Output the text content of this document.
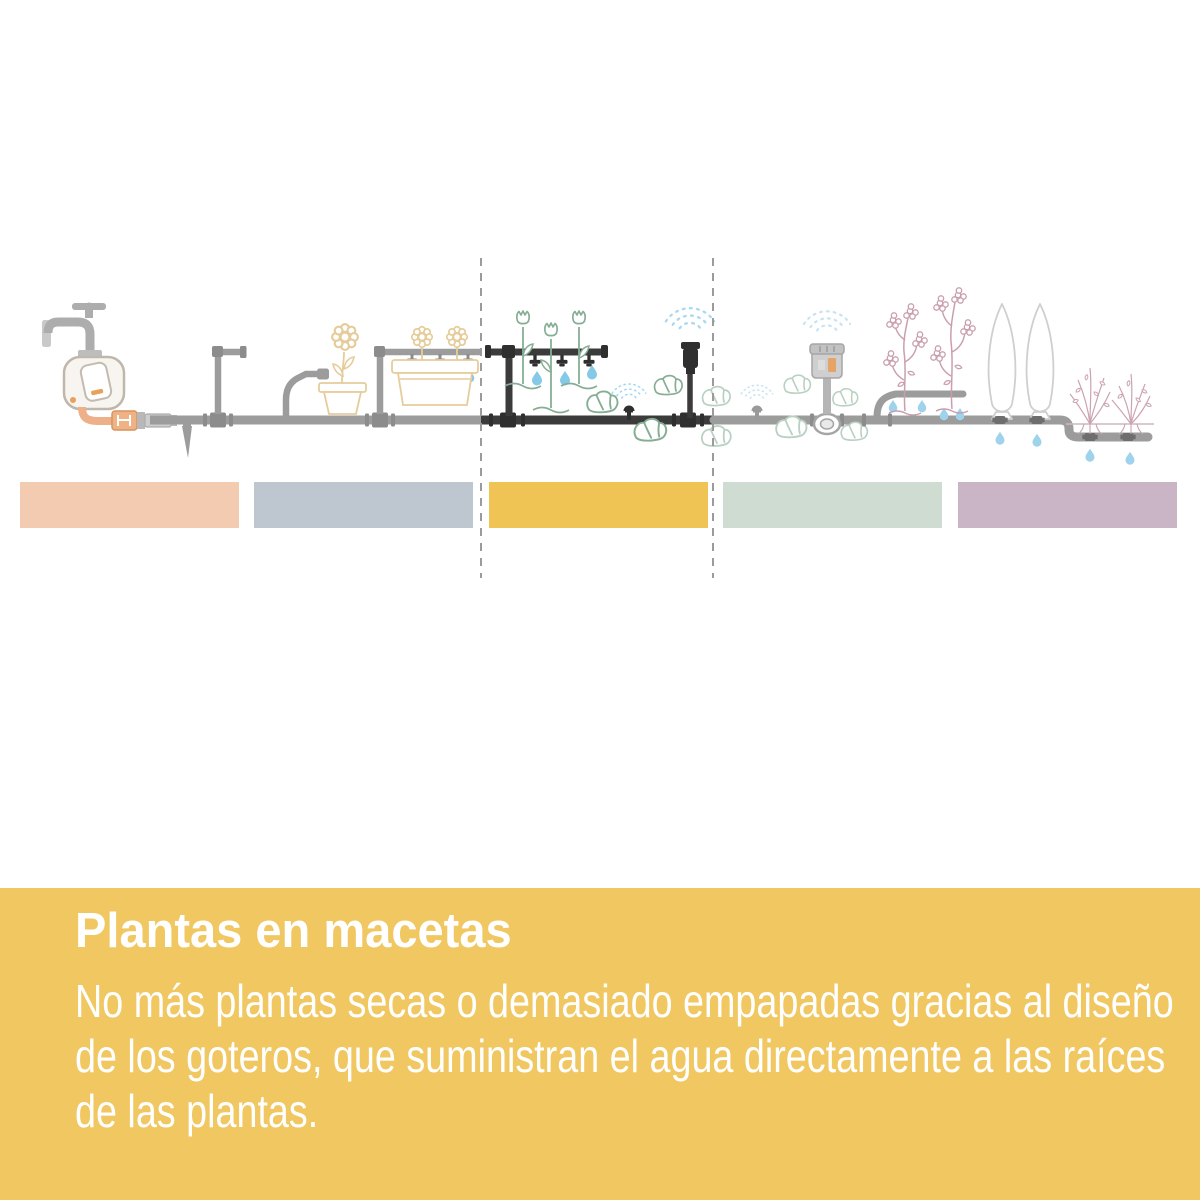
Plantas en macetas
No más plantas secas o demasiado empapadas gracias al diseño
de los goteros, que suministran el agua directamente a las raíces
de las plantas.
